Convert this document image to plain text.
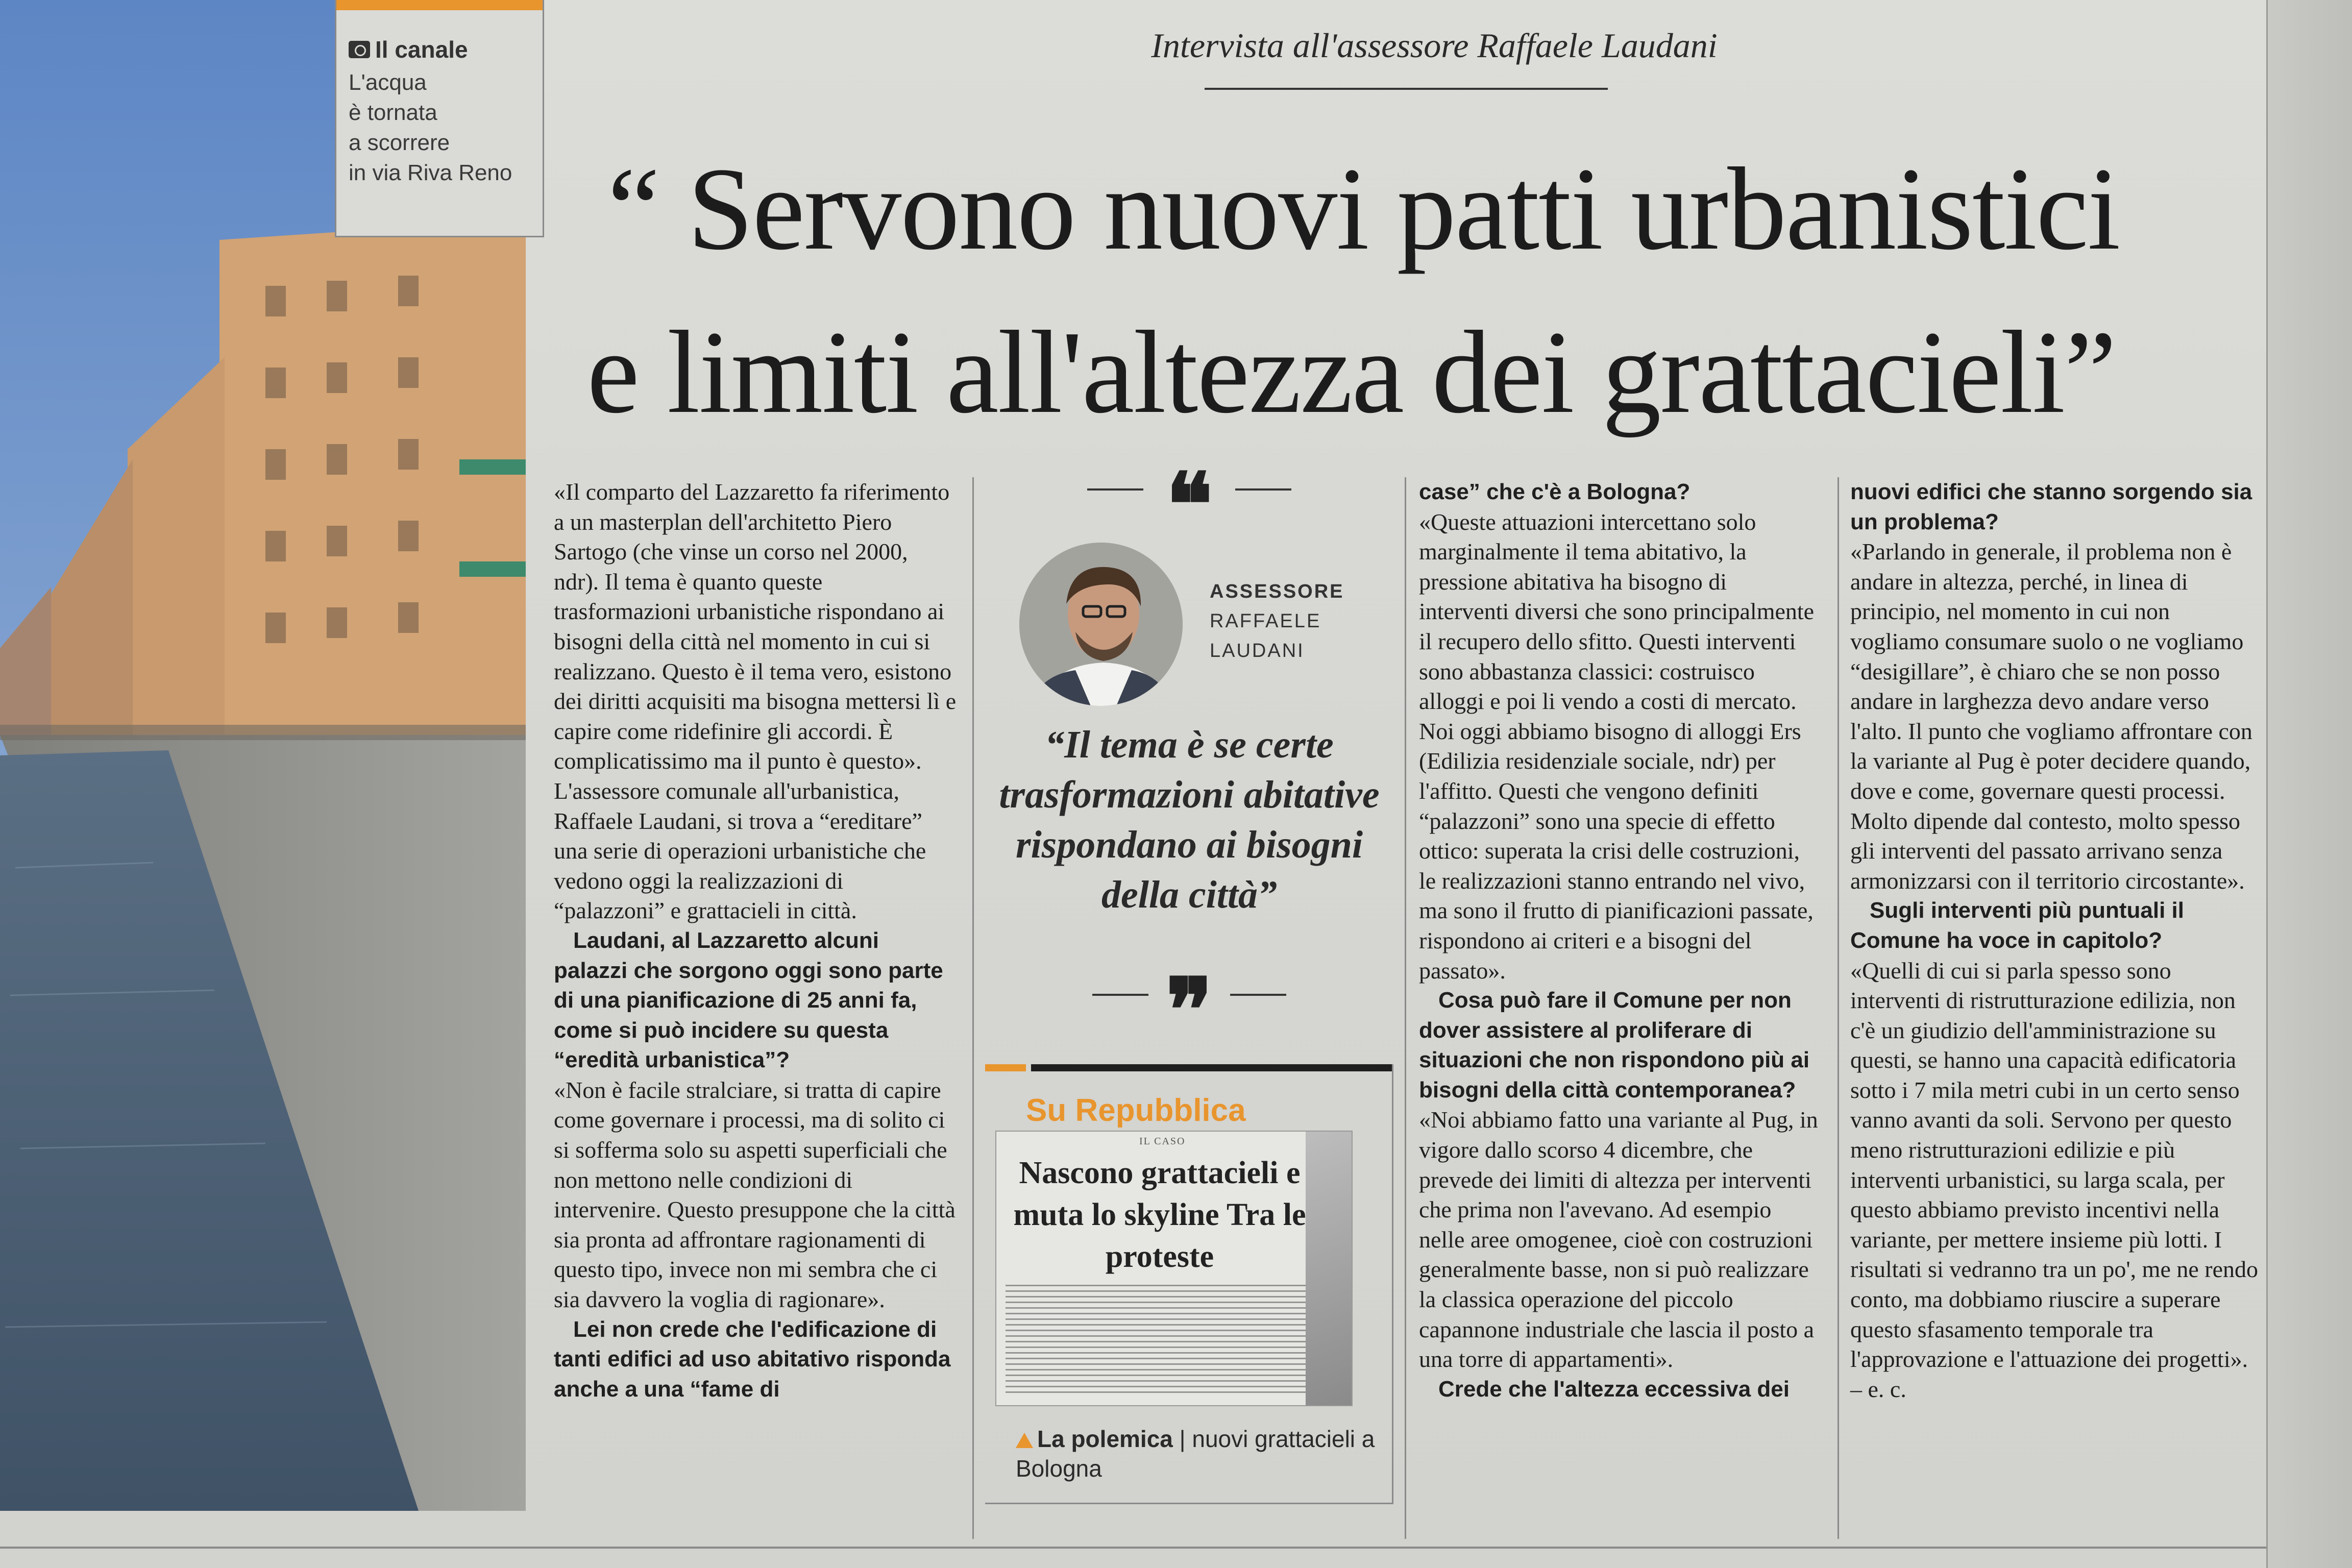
Il canale
L'acqua
è tornata
a scorrere
in via Riva Reno
Intervista all'assessore Raffaele Laudani
“ Servono nuovi patti urbanistici
e limiti all'altezza dei grattacieli”

«Il comparto del Lazzaretto fa riferimento a un masterplan dell'architetto Piero Sartogo (che vinse un corso nel 2000, ndr). Il tema è quanto queste trasformazioni urbanistiche rispondano ai bisogni della città nel momento in cui si realizzano. Questo è il tema vero, esistono dei diritti acquisiti ma bisogna mettersi lì e capire come ridefinire gli accordi. È complicatissimo ma il punto è questo». L'assessore comunale all'urbanistica, Raffaele Laudani, si trova a “ereditare” una serie di operazioni urbanistiche che vedono oggi la realizzazioni di “palazzoni” e grattacieli in città.

Laudani, al Lazzaretto alcuni palazzi che sorgono oggi sono parte di una pianificazione di 25 anni fa, come si può incidere su questa “eredità urbanistica”?

«Non è facile stralciare, si tratta di capire come governare i processi, ma di solito ci si sofferma solo su aspetti superficiali che non mettono nelle condizioni di intervenire. Questo presuppone che la città sia pronta ad affrontare ragionamenti di questo tipo, invece non mi sembra che ci sia davvero la voglia di ragionare».

Lei non crede che l'edificazione di tanti edifici ad uso abitativo risponda anche a una “fame di

❝
ASSESSORE
RAFFAELE
LAUDANI
“Il tema è se certe trasformazioni abitative rispondano ai bisogni della città”
❞
Su Repubblica
IL CASO
Nascono grattacieli e muta lo skyline Tra le proteste
La polemica | nuovi grattacieli a Bologna

case” che c'è a Bologna?

«Queste attuazioni intercettano solo marginalmente il tema abitativo, la pressione abitativa ha bisogno di interventi diversi che sono principalmente il recupero dello sfitto. Questi interventi sono abbastanza classici: costruisco alloggi e poi li vendo a costi di mercato. Noi oggi abbiamo bisogno di alloggi Ers (Edilizia residenziale sociale, ndr) per l'affitto. Questi che vengono definiti “palazzoni” sono una specie di effetto ottico: superata la crisi delle costruzioni, le realizzazioni stanno entrando nel vivo, ma sono il frutto di pianificazioni passate, rispondono ai criteri e a bisogni del passato».

Cosa può fare il Comune per non dover assistere al proliferare di situazioni che non rispondono più ai bisogni della città contemporanea?

«Noi abbiamo fatto una variante al Pug, in vigore dallo scorso 4 dicembre, che prevede dei limiti di altezza per interventi che prima non l'avevano. Ad esempio nelle aree omogenee, cioè con costruzioni generalmente basse, non si può realizzare la classica operazione del piccolo capannone industriale che lascia il posto a una torre di appartamenti».

Crede che l'altezza eccessiva dei

nuovi edifici che stanno sorgendo sia un problema?

«Parlando in generale, il problema non è andare in altezza, perché, in linea di principio, nel momento in cui non vogliamo consumare suolo o ne vogliamo “desigillare”, è chiaro che se non posso andare in larghezza devo andare verso l'alto. Il punto che vogliamo affrontare con la variante al Pug è poter decidere quando, dove e come, governare questi processi. Molto dipende dal contesto, molto spesso gli interventi del passato arrivano senza armonizzarsi con il territorio circostante».

Sugli interventi più puntuali il Comune ha voce in capitolo?

«Quelli di cui si parla spesso sono interventi di ristrutturazione edilizia, non c'è un giudizio dell'amministrazione su questi, se hanno una capacità edificatoria sotto i 7 mila metri cubi in un certo senso vanno avanti da soli. Servono per questo meno ristrutturazioni edilizie e più interventi urbanistici, su larga scala, per questo abbiamo previsto incentivi nella variante, per mettere insieme più lotti. I risultati si vedranno tra un po', me ne rendo conto, ma dobbiamo riuscire a superare questo sfasamento temporale tra l'approvazione e l'attuazione dei progetti». – e. c.
